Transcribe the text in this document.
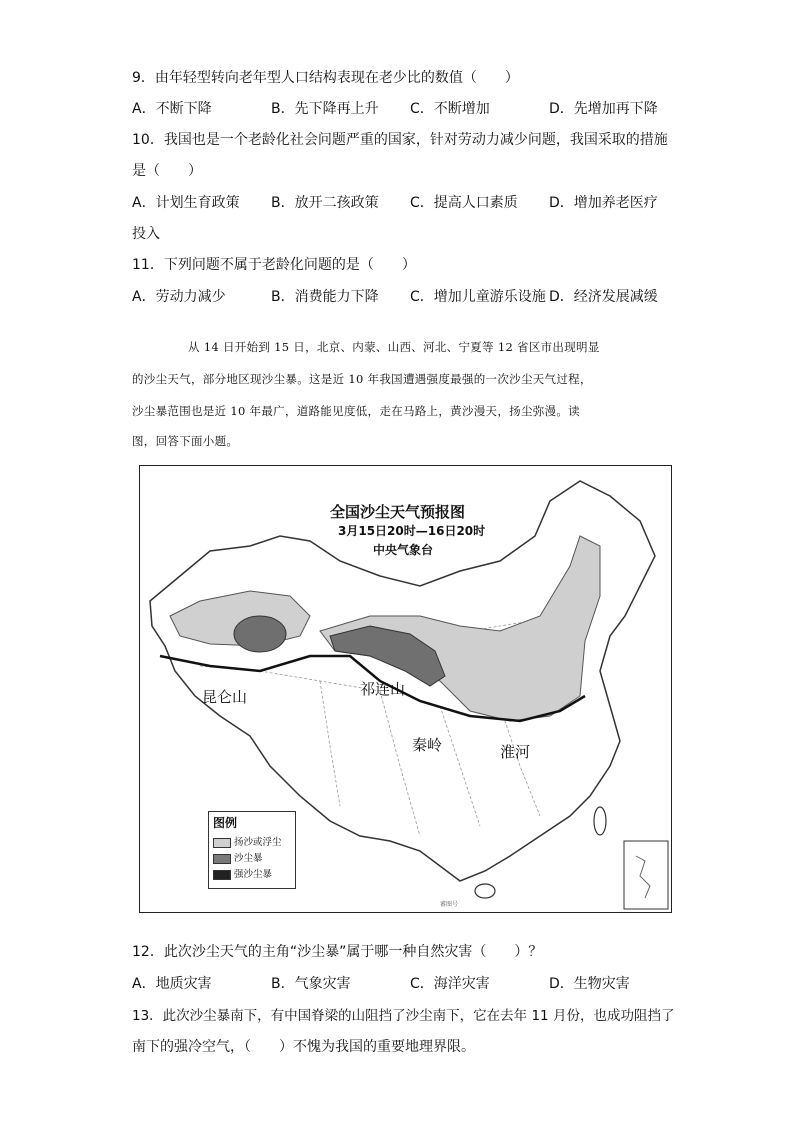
9．由年轻型转向老年型人口结构表现在老少比的数值（　　）
A．不断下降	B．先下降再上升 C．不断增加	D．先增加再下降
10．我国也是一个老龄化社会问题严重的国家，针对劳动力减少问题，我国采取的措施
是（　　）
A．计划生育政策 B．放开二孩政策 C．提高人口素质 D．增加养老医疗
投入
11．下列问题不属于老龄化问题的是（　　）
A．劳动力减少	B．消费能力下降 C．增加儿童游乐设施 D．经济发展减缓
从 14 日开始到 15 日，北京、内蒙、山西、河北、宁夏等 12 省区市出现明显
的沙尘天气，部分地区现沙尘暴。这是近 10 年我国遭遇强度最强的一次沙尘天气过程，
沙尘暴范围也是近 10 年最广，道路能见度低，走在马路上，黄沙漫天，扬尘弥漫。读
图，回答下面小题。
審图号
全国沙尘天气预报图
3月15日20时—16日20时
中央气象台
昆仑山	祁连山
秦岭	淮河
图例
扬沙或浮尘
沙尘暴
强沙尘暴
12．此次沙尘天气的主角“沙尘暴”属于哪一种自然灾害（　　）？
A．地质灾害	B．气象灾害	C．海洋灾害	D．生物灾害
13．此次沙尘暴南下，有中国脊梁的山阻挡了沙尘南下，它在去年 11 月份，也成功阻挡了
南下的强冷空气，（　　）不愧为我国的重要地理界限。
